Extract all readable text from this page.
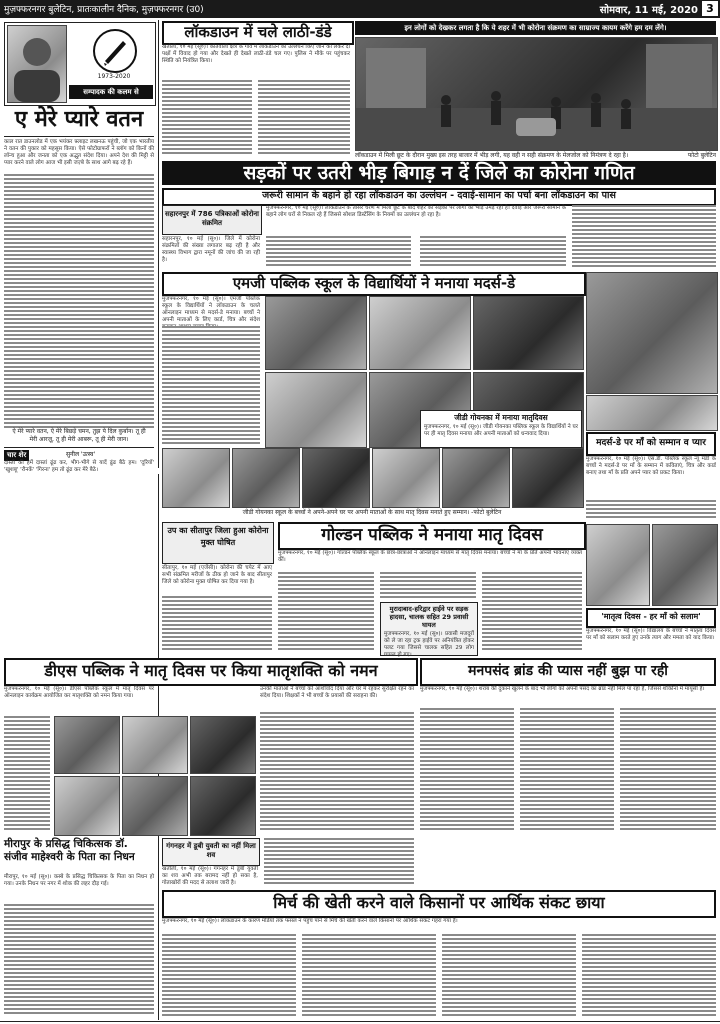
मुज़फ्फरनगर बुलेटिन, प्रातःकालीन दैनिक, मुज़फ्फरनगर (उ0)	सोमवार, 11 मई, 2020 3
1973-2020
सम्पादक की कलम से
ए मेरे प्यारे वतन
काल रात डाउनलोड में एक भयंकर फ़्लाइट लखनऊ पहुंची, जो एक भारतीय ने वतन की पुकार को महसूस किया। ऐसे फोटोग्राफरों ने ब्लॉग को किनों की लॉन्च हुआ और जनता को एक अद्भुत संदेश दिया। अपने देश की मिट्टी से प्यार करने वाले लोग आज भी इसी जज़्बे के साथ आगे बढ़ रहे हैं।
ऐ मेरे प्यारे वतन, ऐ मेरे बिछड़े चमन, तुझ पे दिल कुर्बान। तू ही मेरी आरज़ू, तू ही मेरी आबरू, तू ही मेरी जान।
चार शेर	सुनील 'उत्स्व'
दोस्ती की हमें दास्तां ढूंढ कर, भीग-भीगे से यादें ढूंढ बैठे हम। 'दूरियों' 'खुशबू' 'रौनकें' 'गिरना' हम तो ढूंढ कर मेरे बैठे।
लॉकडाउन में चले लाठी-डंडे
खतौली, १० मई (सू०)। कोतवाली क्षेत्र के गांव में लॉकडाउन का उल्लंघन किए जाने को लेकर दो पक्षों में विवाद हो गया और देखते ही देखते लाठी-डंडे चल गए। पुलिस ने मौके पर पहुंचकर स्थिति को नियंत्रित किया।
इन लोगों को देखकर लगता है कि ये शहर में भी कोरोना संक्रमण का साम्राज्य कायम करेंगे हम दम लेंगे।
लॉकडाउन में मिली छूट के दौरान मुख्य इस तरह बाजार में भीड़ लगी, यह वही न सही संक्रमण के मेलजोल को निमंत्रण दे रहा है।	फोटो बुलेटिन
सड़कों पर उतरी भीड़ बिगाड़ न दें जिले का कोरोना गणित
जरूरी सामान के बहाने हो रहा लॉकडाउन का उल्लंघन - दवाई-सामान का पर्चा बना लॉकडाउन का पास
सहारनपुर में 786 पत्रिकाओं कोरोना संक्रमित
सहारनपुर, १० मई (सू०)। जिले में कोरोना संक्रमितों की संख्या लगातार बढ़ रही है और स्वास्थ्य विभाग द्वारा नमूनों की जांच की जा रही है।
मुजफ्फरनगर, १० मई (सू०)। लॉकडाउन के तीसरे चरण में मिली छूट के बाद शहर की सड़कों पर लोगों की भीड़ उमड़ रही है। दवाई और जरूरी सामान के बहाने लोग घरों से निकल रहे हैं जिससे सोशल डिस्टेंसिंग के नियमों का उल्लंघन हो रहा है।
एमजी पब्लिक स्कूल के विद्यार्थियों ने मनाया मदर्स-डे
मुजफ्फरनगर, १० मई (सू०)। एमजी पब्लिक स्कूल के विद्यार्थियों ने लॉकडाउन के चलते ऑनलाइन माध्यम से मदर्स-डे मनाया। बच्चों ने अपनी माताओं के लिए कार्ड, चित्र और संदेश
जीडी गोयनका में मनाया मातृदिवस
मुजफ्फरनगर, १० मई (सू०)। जीडी गोयनका पब्लिक स्कूल के विद्यार्थियों ने घर पर ही मातृ दिवस मनाया और अपनी माताओं को धन्यवाद दिया।
जीडी गोयनका स्कूल के बच्चों ने अपने-अपने घर पर अपनी माताओं के साथ मातृ दिवस मनाते हुए सम्मान। -फोटो बुलेटिन
मदर्स-डे पर माँ को सम्मान व प्यार
मुजफ्फरनगर, १० मई (सू०)। एस.डी. पब्लिक स्कूल न्यू मंडी के बच्चों ने मदर्स-डे पर माँ के सम्मान में कविताएं, चित्र और कार्ड बनाए तथा माँ के प्रति अपने प्यार को प्रकट किया।
उप का सीतापुर जिला हुआ कोरोना मुक्त घोषित
सीतापुर, १० मई (एजेंसी)। कोरोना की चपेट में आए सभी संक्रमित मरीजों के ठीक हो जाने के बाद सीतापुर जिले को कोरोना मुक्त घोषित कर दिया गया है।
गोल्डन पब्लिक ने मनाया मातृ दिवस
मुजफ्फरनगर, १० मई (सू०)। गोल्डन पब्लिक स्कूल के छात्र-छात्राओं ने ऑनलाइन माध्यम से मातृ दिवस मनाया। बच्चों ने मां के प्रति अपनी भावनाएं व्यक्त कीं।
मुरादाबाद-हरिद्वार हाईवे पर सड़क हादसा, चालक सहित 29 प्रवासी घायल
मुजफ्फरनगर, १० मई (सू०)। प्रवासी मजदूरों को ले जा रहा ट्रक हाईवे पर अनियंत्रित होकर पलट गया जिससे चालक सहित 29 लोग घायल हो गए।
'मातृत्व दिवस - हर माँ को सलाम'
मुजफ्फरनगर, १० मई (सू०)। विद्यालय के बच्चों ने मातृत्व दिवस पर माँ को सलाम करते हुए उनके त्याग और ममता को याद किया।
डीएस पब्लिक ने मातृ दिवस पर किया मातृशक्ति को नमन
मुजफ्फरनगर, १० मई (सू०)। डीएस पब्लिक स्कूल में मातृ दिवस पर ऑनलाइन कार्यक्रम आयोजित कर मातृशक्ति को नमन किया गया।
उनकी माताओं ने बच्चों को आशीर्वाद दिया और घर में रहकर सुरक्षित रहने का संदेश दिया। शिक्षकों ने भी बच्चों के प्रयासों की सराहना की।
मनपसंद ब्रांड की प्यास नहीं बुझ पा रही
मुजफ्फरनगर, १० मई (सू०)। शराब की दुकानें खुलने के बाद भी लोगों को अपनी पसंद का ब्रांड नहीं मिल पा रहा है, जिससे शौकीनों में मायूसी है।
मीरापुर के प्रसिद्ध चिकित्सक डॉ. संजीव माहेश्वरी के पिता का निधन
मीरापुर, १० मई (सू०)। कस्बे के प्रसिद्ध चिकित्सक के पिता का निधन हो गया। उनके निधन पर नगर में शोक की लहर दौड़ गई।
गंगनहर में डूबी युवती का नहीं मिला शव
खतौली, १० मई (सू०)। गंगनहर में डूबी युवती का शव अभी तक बरामद नहीं हो सका है, गोताखोरों की मदद से तलाश जारी है।
मिर्च की खेती करने वाले किसानों पर आर्थिक संकट छाया
मुजफ्फरनगर, १० मई (सू०)। लॉकडाउन के कारण मंडियों तक फसल न पहुंच पाने से मिर्च की खेती करने वाले किसानों पर आर्थिक संकट गहरा गया है।
